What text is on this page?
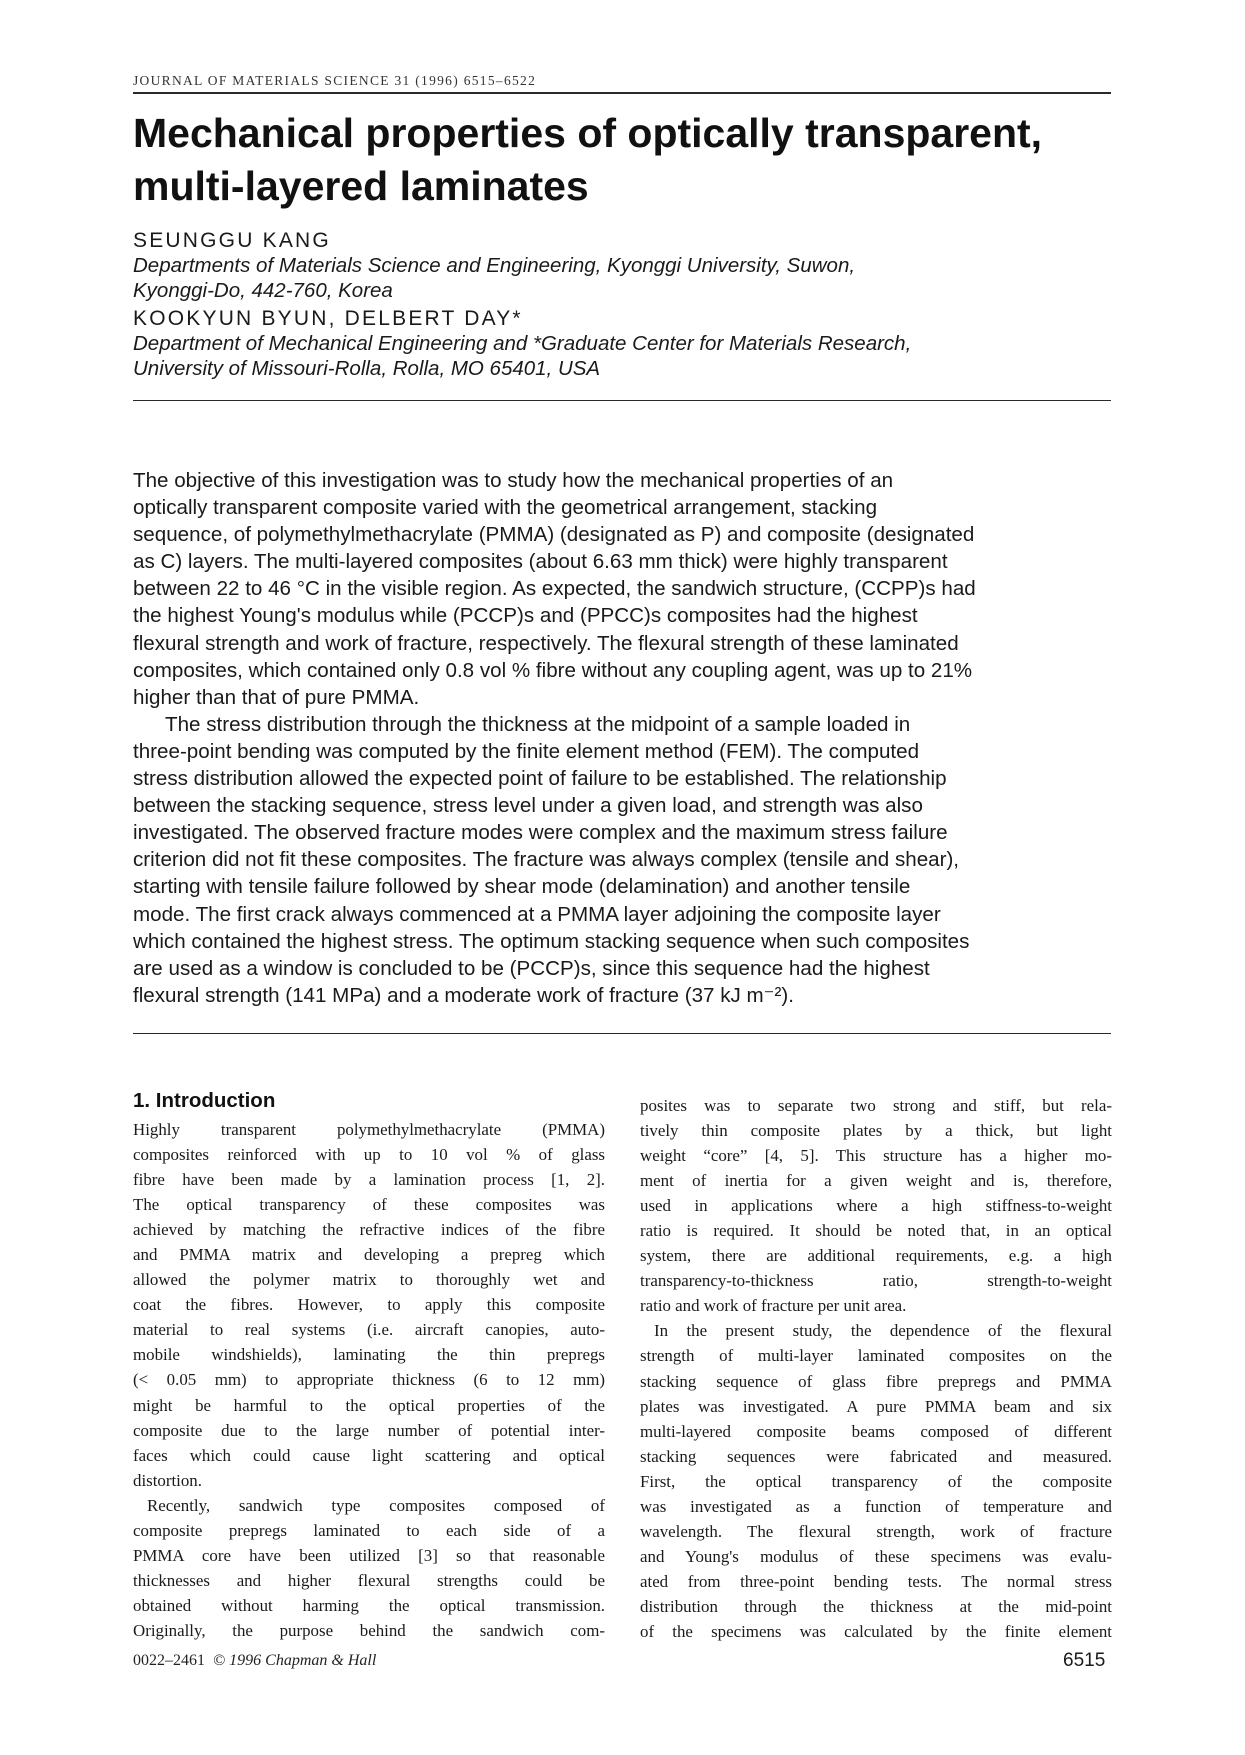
JOURNAL OF MATERIALS SCIENCE 31 (1996) 6515–6522
Mechanical properties of optically transparent,
multi-layered laminates
SEUNGGU KANG
Departments of Materials Science and Engineering, Kyonggi University, Suwon,
Kyonggi-Do, 442-760, Korea
KOOKYUN BYUN, DELBERT DAY*
Department of Mechanical Engineering and *Graduate Center for Materials Research,
University of Missouri-Rolla, Rolla, MO 65401, USA
The objective of this investigation was to study how the mechanical properties of an
optically transparent composite varied with the geometrical arrangement, stacking
sequence, of polymethylmethacrylate (PMMA) (designated as P) and composite (designated
as C) layers. The multi-layered composites (about 6.63 mm thick) were highly transparent
between 22 to 46 °C in the visible region. As expected, the sandwich structure, (CCPP)s had
the highest Young's modulus while (PCCP)s and (PPCC)s composites had the highest
flexural strength and work of fracture, respectively. The flexural strength of these laminated
composites, which contained only 0.8 vol % fibre without any coupling agent, was up to 21%
higher than that of pure PMMA.
The stress distribution through the thickness at the midpoint of a sample loaded in
three-point bending was computed by the finite element method (FEM). The computed
stress distribution allowed the expected point of failure to be established. The relationship
between the stacking sequence, stress level under a given load, and strength was also
investigated. The observed fracture modes were complex and the maximum stress failure
criterion did not fit these composites. The fracture was always complex (tensile and shear),
starting with tensile failure followed by shear mode (delamination) and another tensile
mode. The first crack always commenced at a PMMA layer adjoining the composite layer
which contained the highest stress. The optimum stacking sequence when such composites
are used as a window is concluded to be (PCCP)s, since this sequence had the highest
flexural strength (141 MPa) and a moderate work of fracture (37 kJ m⁻²).
1. Introduction
Highly transparent polymethylmethacrylate (PMMA)
composites reinforced with up to 10 vol % of glass
fibre have been made by a lamination process [1, 2].
The optical transparency of these composites was
achieved by matching the refractive indices of the fibre
and PMMA matrix and developing a prepreg which
allowed the polymer matrix to thoroughly wet and
coat the fibres. However, to apply this composite
material to real systems (i.e. aircraft canopies, auto-
mobile windshields), laminating the thin prepregs
(< 0.05 mm) to appropriate thickness (6 to 12 mm)
might be harmful to the optical properties of the
composite due to the large number of potential inter-
faces which could cause light scattering and optical
distortion.
Recently, sandwich type composites composed of
composite prepregs laminated to each side of a
PMMA core have been utilized [3] so that reasonable
thicknesses and higher flexural strengths could be
obtained without harming the optical transmission.
Originally, the purpose behind the sandwich com-
posites was to separate two strong and stiff, but rela-
tively thin composite plates by a thick, but light
weight “core” [4, 5]. This structure has a higher mo-
ment of inertia for a given weight and is, therefore,
used in applications where a high stiffness-to-weight
ratio is required. It should be noted that, in an optical
system, there are additional requirements, e.g. a high
transparency-to-thickness ratio, strength-to-weight
ratio and work of fracture per unit area.
In the present study, the dependence of the flexural
strength of multi-layer laminated composites on the
stacking sequence of glass fibre prepregs and PMMA
plates was investigated. A pure PMMA beam and six
multi-layered composite beams composed of different
stacking sequences were fabricated and measured.
First, the optical transparency of the composite
was investigated as a function of temperature and
wavelength. The flexural strength, work of fracture
and Young's modulus of these specimens was evalu-
ated from three-point bending tests. The normal stress
distribution through the thickness at the mid-point
of the specimens was calculated by the finite element
0022–2461 © 1996 Chapman & Hall	6515
